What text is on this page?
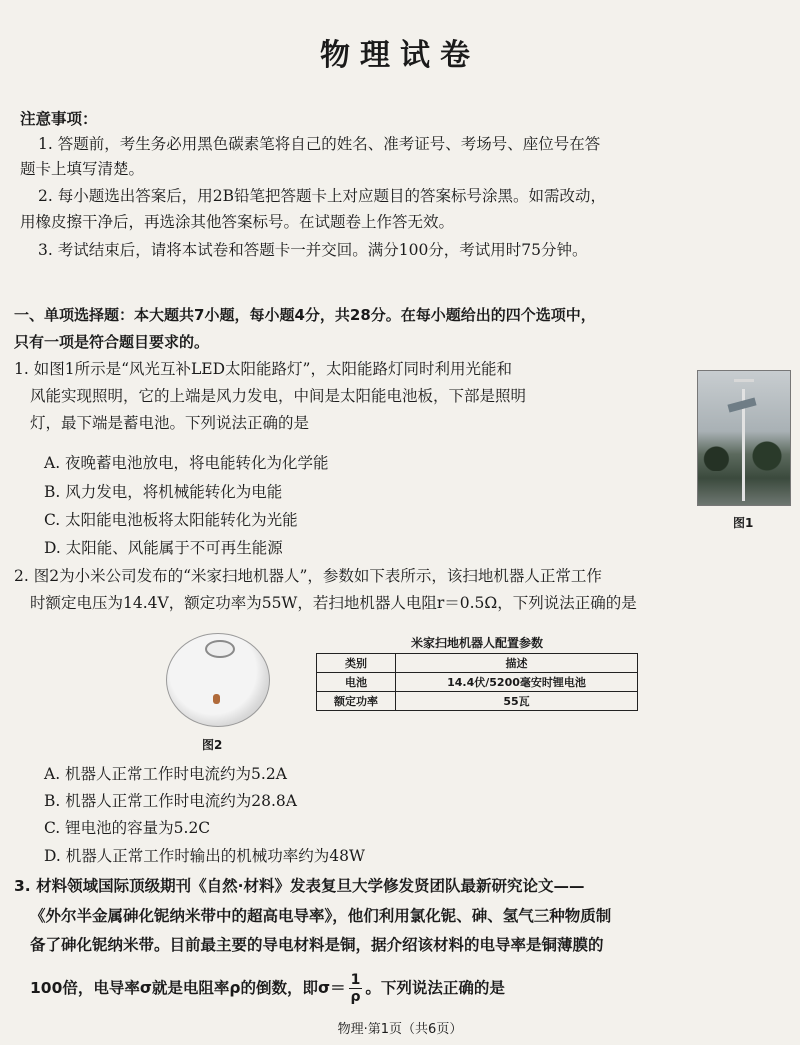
物理试卷
注意事项：
1. 答题前，考生务必用黑色碳素笔将自己的姓名、准考证号、考场号、座位号在答
题卡上填写清楚。
2. 每小题选出答案后，用2B铅笔把答题卡上对应题目的答案标号涂黑。如需改动，
用橡皮擦干净后，再选涂其他答案标号。在试题卷上作答无效。
3. 考试结束后，请将本试卷和答题卡一并交回。满分100分，考试用时75分钟。
一、单项选择题：本大题共7小题，每小题4分，共28分。在每小题给出的四个选项中，
只有一项是符合题目要求的。
1. 如图1所示是“风光互补LED太阳能路灯”，太阳能路灯同时利用光能和
风能实现照明，它的上端是风力发电，中间是太阳能电池板，下部是照明
灯，最下端是蓄电池。下列说法正确的是
A. 夜晚蓄电池放电，将电能转化为化学能
B. 风力发电，将机械能转化为电能
C. 太阳能电池板将太阳能转化为光能
D. 太阳能、风能属于不可再生能源
图1
2. 图2为小米公司发布的“米家扫地机器人”，参数如下表所示，该扫地机器人正常工作
时额定电压为14.4V，额定功率为55W，若扫地机器人电阻r＝0.5Ω，下列说法正确的是
图2
米家扫地机器人配置参数
类别	描述
电池	14.4伏/5200毫安时锂电池
额定功率	55瓦
A. 机器人正常工作时电流约为5.2A
B. 机器人正常工作时电流约为28.8A
C. 锂电池的容量为5.2C
D. 机器人正常工作时输出的机械功率约为48W
3. 材料领域国际顶级期刊《自然·材料》发表复旦大学修发贤团队最新研究论文——
《外尔半金属砷化铌纳米带中的超高电导率》，他们利用氯化铌、砷、氢气三种物质制
备了砷化铌纳米带。目前最主要的导电材料是铜，据介绍该材料的电导率是铜薄膜的
100倍，电导率σ就是电阻率ρ的倒数，即$\sigma= \frac{1}{\rho}$ 。下列说法正确的是
物理·第1页（共6页）
